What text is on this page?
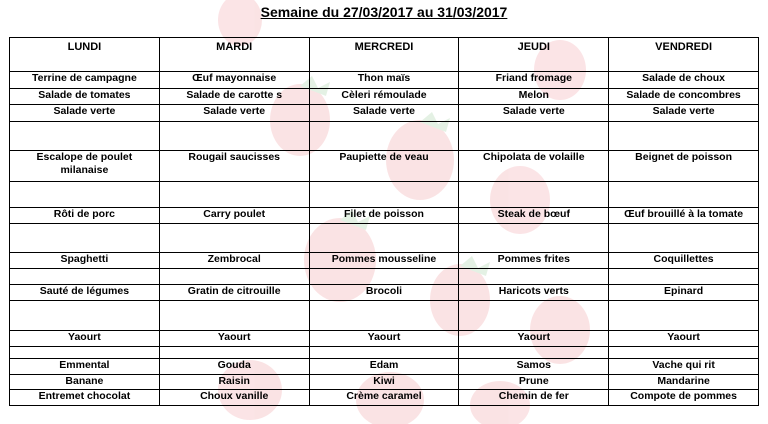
Semaine du 27/03/2017 au 31/03/2017
LUNDI	MARDI	MERCREDI	JEUDI	VENDREDI
Terrine de campagne	Œuf mayonnaise	Thon maïs	Friand fromage	Salade de choux
Salade de tomates	Salade de carotte s	Cèleri rémoulade	Melon	Salade de concombres
Salade verte	Salade verte	Salade verte	Salade verte	Salade verte

Escalope de poulet milanaise	Rougail saucisses	Paupiette de veau	Chipolata de volaille	Beignet de poisson

Rôti de porc	Carry poulet	Filet de poisson	Steak de bœuf	Œuf brouillé à la tomate

Spaghetti	Zembrocal	Pommes mousseline	Pommes frites	Coquillettes

Sauté de légumes	Gratin de citrouille	Brocoli	Haricots verts	Epinard

Yaourt	Yaourt	Yaourt	Yaourt	Yaourt

Emmental	Gouda	Edam	Samos	Vache qui rit
Banane	Raisin	Kiwi	Prune	Mandarine
Entremet chocolat	Choux vanille	Crème caramel	Chemin de fer	Compote de pommes
